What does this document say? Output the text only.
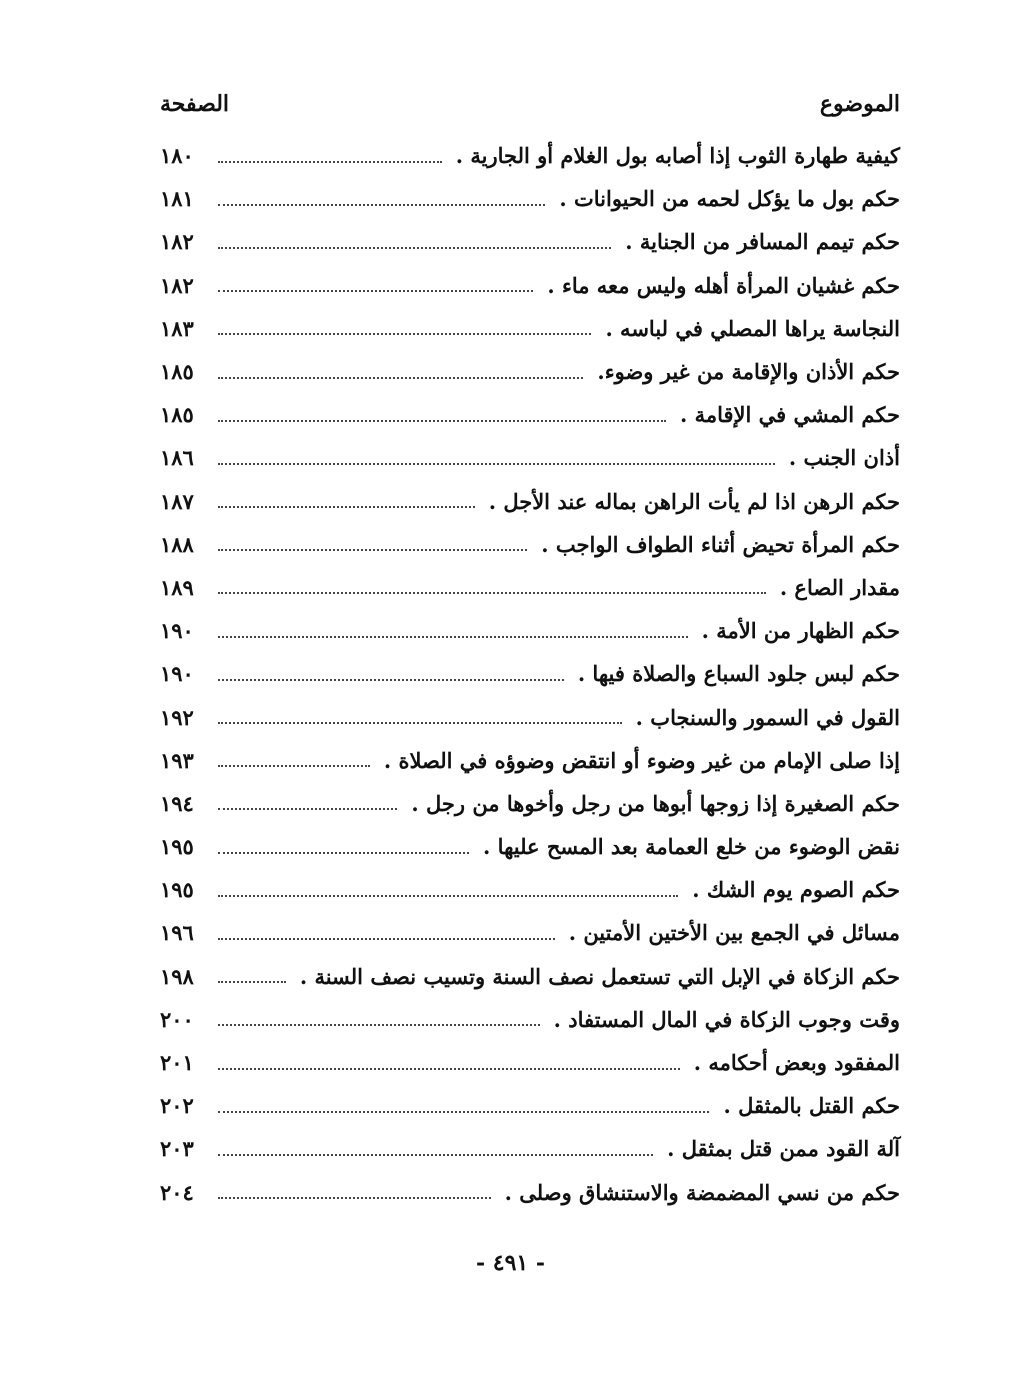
الموضوع
الصفحة
كيفية طهارة الثوب إذا أصابه بول الغلام أو الجارية .
١٨٠
حكم بول ما يؤكل لحمه من الحيوانات .
١٨١
حكم تيمم المسافر من الجناية .
١٨٢
حكم غشيان المرأة أهله وليس معه ماء .
١٨٢
النجاسة يراها المصلي في لباسه .
١٨٣
حكم الأذان والإقامة من غير وضوء.
١٨٥
حكم المشي في الإقامة .
١٨٥
أذان الجنب .
١٨٦
حكم الرهن اذا لم يأت الراهن بماله عند الأجل .
١٨٧
حكم المرأة تحيض أثناء الطواف الواجب .
١٨٨
مقدار الصاع .
١٨٩
حكم الظهار من الأمة .
١٩٠
حكم لبس جلود السباع والصلاة فيها .
١٩٠
القول في السمور والسنجاب .
١٩٢
إذا صلى الإمام من غير وضوء أو انتقض وضوؤه في الصلاة .
١٩٣
حكم الصغيرة إذا زوجها أبوها من رجل وأخوها من رجل .
١٩٤
نقض الوضوء من خلع العمامة بعد المسح عليها .
١٩٥
حكم الصوم يوم الشك .
١٩٥
مسائل في الجمع بين الأختين الأمتين .
١٩٦
حكم الزكاة في الإبل التي تستعمل نصف السنة وتسيب نصف السنة .
١٩٨
وقت وجوب الزكاة في المال المستفاد .
٢٠٠
المفقود وبعض أحكامه .
٢٠١
حكم القتل بالمثقل .
٢٠٢
آلة القود ممن قتل بمثقل .
٢٠٣
حكم من نسي المضمضة والاستنشاق وصلى .
٢٠٤
- ٤٩١ -
